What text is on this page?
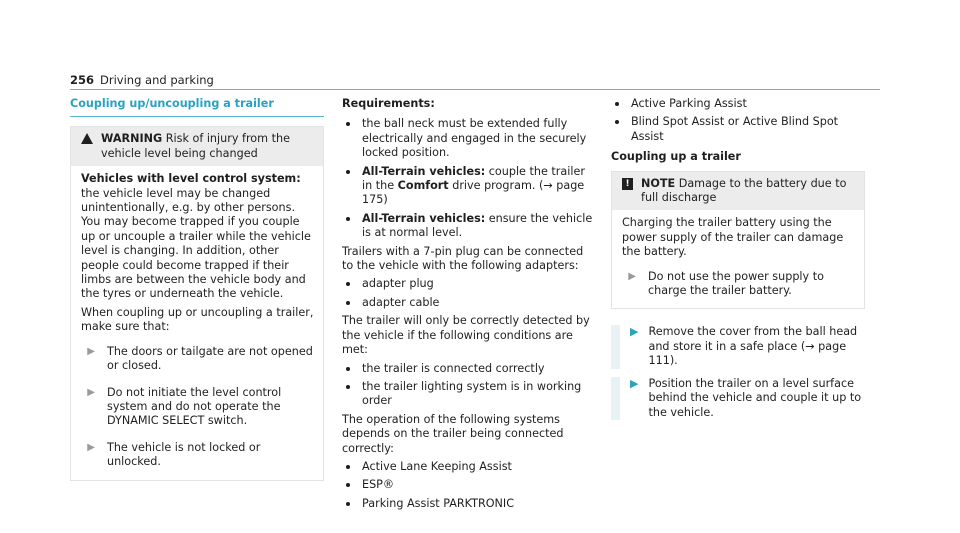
256 Driving and parking
Coupling up/uncoupling a trailer
WARNING Risk of injury from the vehicle level being changed

Vehicles with level control system: the vehicle level may be changed unintentionally, e.g. by other persons. You may become trapped if you couple up or uncouple a trailer while the vehicle level is changing. In addition, other people could become trapped if their limbs are between the vehicle body and the tyres or underneath the vehicle.

When coupling up or uncoupling a trailer, make sure that:

▶ The doors or tailgate are not opened or closed.
▶ Do not initiate the level control system and do not operate the DYNAMIC SELECT switch.
▶ The vehicle is not locked or unlocked.
Requirements:
the ball neck must be extended fully electrically and engaged in the securely locked position.
All-Terrain vehicles: couple the trailer in the Comfort drive program. (→ page 175)
All-Terrain vehicles: ensure the vehicle is at normal level.

Trailers with a 7-pin plug can be connected to the vehicle with the following adapters:

adapter plug
adapter cable

The trailer will only be correctly detected by the vehicle if the following conditions are met:

the trailer is connected correctly
the trailer lighting system is in working order

The operation of the following systems depends on the trailer being connected correctly:

Active Lane Keeping Assist
ESP®
Parking Assist PARKTRONIC
Active Parking Assist
Blind Spot Assist or Active Blind Spot Assist
Coupling up a trailer
!	NOTE Damage to the battery due to full discharge

Charging the trailer battery using the power supply of the trailer can damage the battery.

▶ Do not use the power supply to charge the trailer battery.
▶ Remove the cover from the ball head and store it in a safe place (→ page 111).
▶ Position the trailer on a level surface behind the vehicle and couple it up to the vehicle.
